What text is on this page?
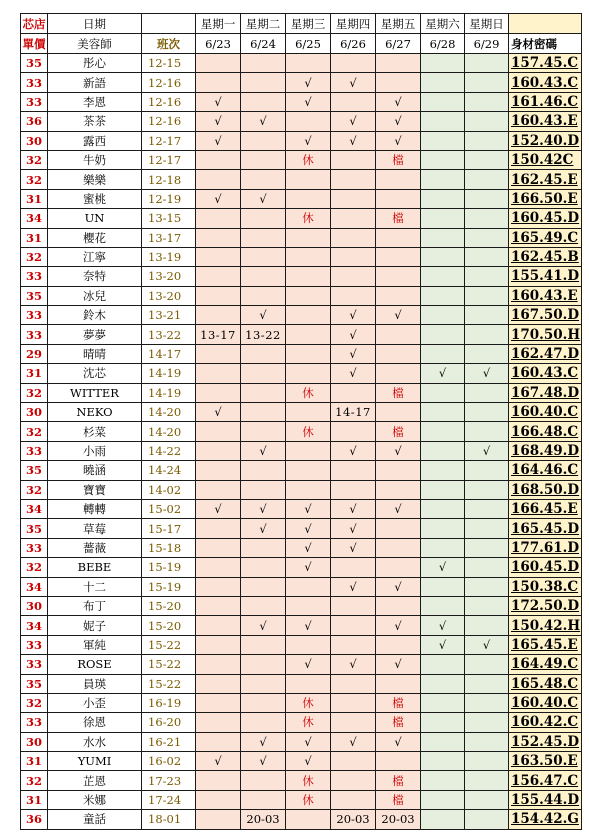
芯店	日期		星期一	星期二	星期三	星期四	星期五	星期六	星期日	
單價	美容師	班次	6/23	6/24	6/25	6/26	6/27	6/28	6/29	身材密碼
35	彤心	12-15								157.45.C
33	新語	12-16			√	√				160.43.C
33	李恩	12-16	√		√		√			161.46.C
36	茶茶	12-16	√	√		√	√			160.43.E
30	露西	12-17	√		√	√	√			152.40.D
32	牛奶	12-17			休		檔			150.42C
32	樂樂	12-18								162.45.E
31	蜜桃	12-19	√	√						166.50.E
34	UN	13-15			休		檔			160.45.D
31	櫻花	13-17								165.49.C
32	江寧	13-19								162.45.B
33	奈特	13-20								155.41.D
35	冰兒	13-20								160.43.E
33	鈴木	13-21		√		√	√			167.50.D
33	夢夢	13-22	13-17	13-22		√				170.50.H
29	晴晴	14-17				√				162.47.D
31	沈芯	14-19				√		√	√	160.43.C
32	WITTER	14-19			休		檔			167.48.D
30	NEKO	14-20	√			14-17				160.40.C
32	杉菜	14-20			休		檔			166.48.C
33	小雨	14-22		√		√	√		√	168.49.D
35	曉涵	14-24								164.46.C
32	寶寶	14-02								168.50.D
34	轉轉	15-02	√	√	√	√	√			166.45.E
35	草莓	15-17		√	√	√				165.45.D
33	薔薇	15-18			√	√				177.61.D
32	BEBE	15-19			√			√		160.45.D
34	十二	15-19				√	√			150.38.C
30	布丁	15-20								172.50.D
34	妮子	15-20		√	√		√	√		150.42.H
33	軍純	15-22						√	√	165.45.E
33	ROSE	15-22			√	√	√			164.49.C
35	員瑛	15-22								165.48.C
32	小歪	16-19			休		檔			160.40.C
33	徐恩	16-20			休		檔			160.42.C
30	水水	16-21		√	√	√	√			152.45.D
31	YUMI	16-02	√	√	√					163.50.E
32	芷恩	17-23			休		檔			156.47.C
31	米娜	17-24			休		檔			155.44.D
36	童話	18-01		20-03		20-03	20-03			154.42.G
